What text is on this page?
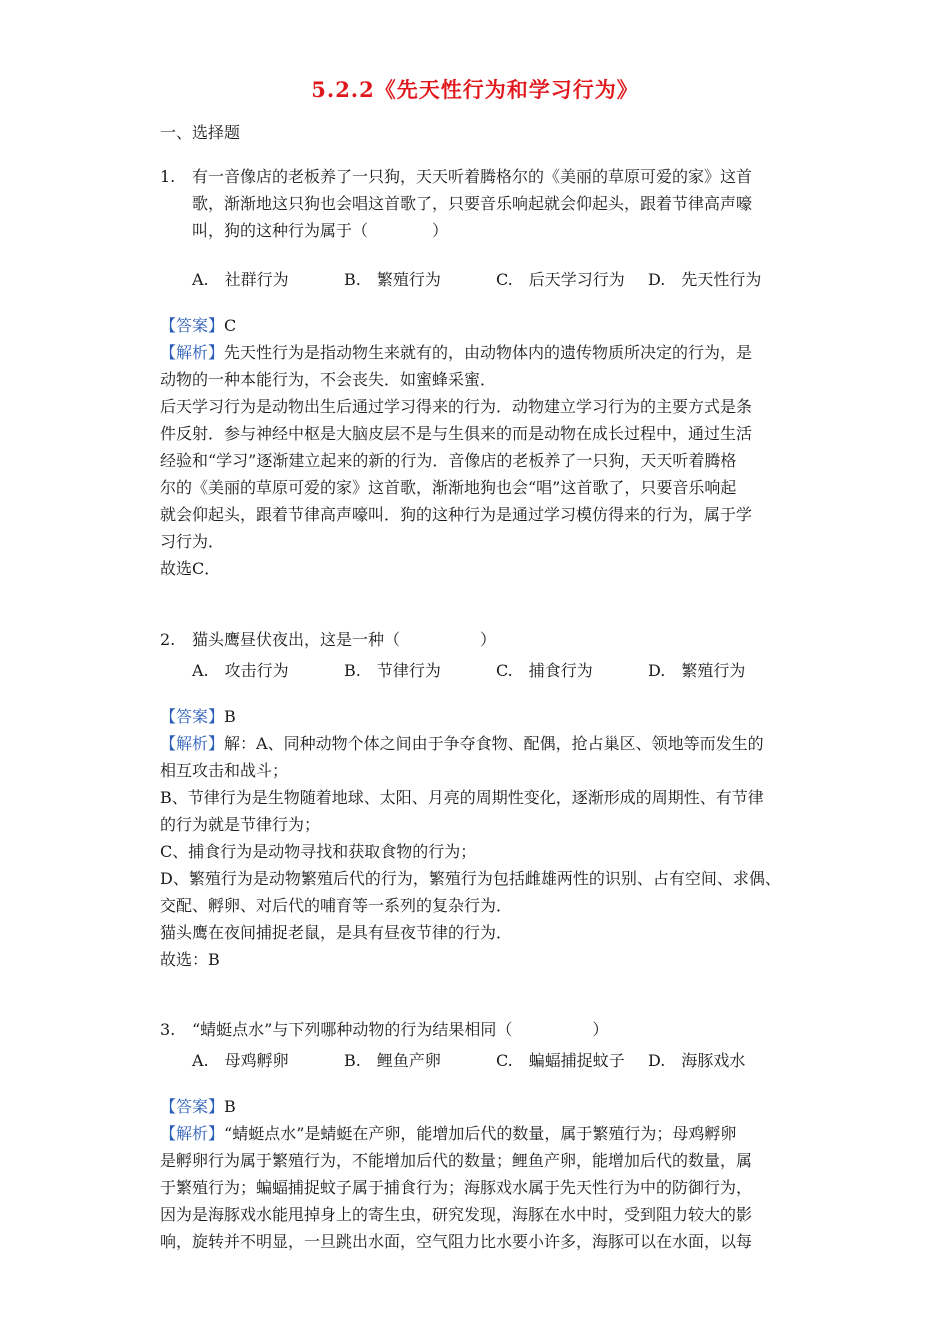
5.2.2《先天性行为和学习行为》
一、选择题
1. 有一音像店的老板养了一只狗，天天听着腾格尔的《美丽的草原可爱的家》这首
歌，渐渐地这只狗也会唱这首歌了，只要音乐响起就会仰起头，跟着节律高声嚎
叫，狗的这种行为属于（　　　　）
A.　社群行为	B.　繁殖行为	C.　后天学习行为 D.　先天性行为
【答案】C
【解析】先天性行为是指动物生来就有的，由动物体内的遗传物质所决定的行为，是
动物的一种本能行为，不会丧失．如蜜蜂采蜜．
后天学习行为是动物出生后通过学习得来的行为．动物建立学习行为的主要方式是条
件反射．参与神经中枢是大脑皮层不是与生俱来的而是动物在成长过程中，通过生活
经验和“学习”逐渐建立起来的新的行为．音像店的老板养了一只狗，天天听着腾格
尔的《美丽的草原可爱的家》这首歌，渐渐地狗也会“唱”这首歌了，只要音乐响起
就会仰起头，跟着节律高声嚎叫．狗的这种行为是通过学习模仿得来的行为，属于学
习行为．
故选C．
2. 猫头鹰昼伏夜出，这是一种（　　　　　）
A.　攻击行为	B.　节律行为	C.　捕食行为	D.　繁殖行为
【答案】B
【解析】解：A、同种动物个体之间由于争夺食物、配偶，抢占巢区、领地等而发生的
相互攻击和战斗；
B、节律行为是生物随着地球、太阳、月亮的周期性变化，逐渐形成的周期性、有节律
的行为就是节律行为；
C、捕食行为是动物寻找和获取食物的行为；
D、繁殖行为是动物繁殖后代的行为，繁殖行为包括雌雄两性的识别、占有空间、求偶、
交配、孵卵、对后代的哺育等一系列的复杂行为．
猫头鹰在夜间捕捉老鼠，是具有昼夜节律的行为．
故选：B
3. “蜻蜓点水”与下列哪种动物的行为结果相同（　　　　　）
A.　母鸡孵卵	B.　鲤鱼产卵	C.　蝙蝠捕捉蚊子 D.　海豚戏水
【答案】B
【解析】“蜻蜓点水”是蜻蜓在产卵，能增加后代的数量，属于繁殖行为；母鸡孵卵
是孵卵行为属于繁殖行为，不能增加后代的数量；鲤鱼产卵，能增加后代的数量，属
于繁殖行为；蝙蝠捕捉蚊子属于捕食行为；海豚戏水属于先天性行为中的防御行为，
因为是海豚戏水能甩掉身上的寄生虫，研究发现，海豚在水中时，受到阻力较大的影
响，旋转并不明显，一旦跳出水面，空气阻力比水要小许多，海豚可以在水面，以每
